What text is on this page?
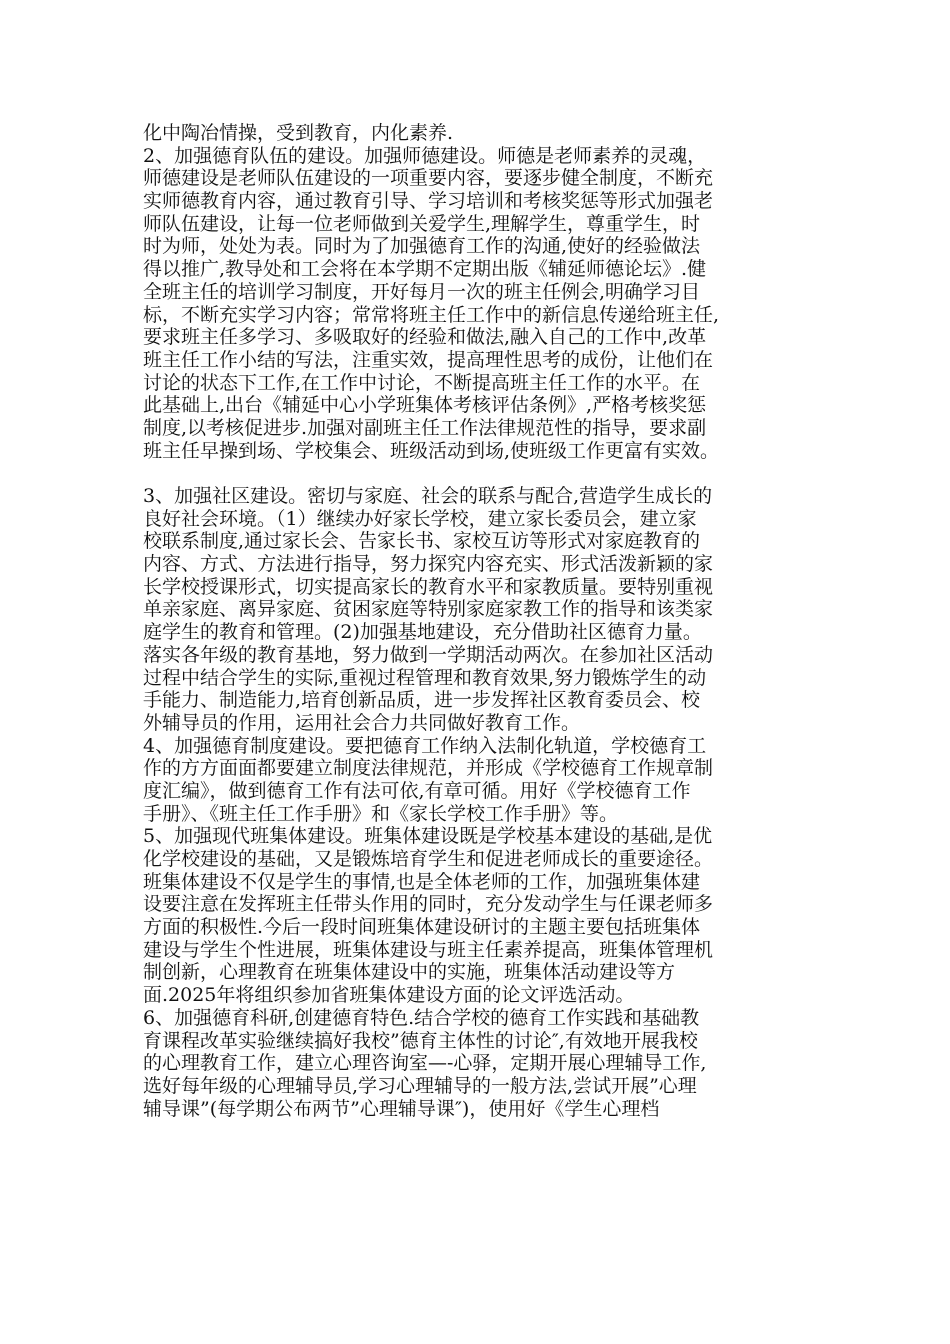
化中陶冶情操，受到教育，内化素养.
2、加强德育队伍的建设。加强师德建设。师德是老师素养的灵魂，
师德建设是老师队伍建设的一项重要内容，要逐步健全制度，不断充
实师德教育内容，通过教育引导、学习培训和考核奖惩等形式加强老
师队伍建设，让每一位老师做到关爱学生,理解学生，尊重学生，时
时为师，处处为表。同时为了加强德育工作的沟通,使好的经验做法
得以推广,教导处和工会将在本学期不定期出版《辅延师德论坛》.健
全班主任的培训学习制度，开好每月一次的班主任例会,明确学习目
标，不断充实学习内容；常常将班主任工作中的新信息传递给班主任,
要求班主任多学习、多吸取好的经验和做法,融入自己的工作中,改革
班主任工作小结的写法，注重实效，提高理性思考的成份，让他们在
讨论的状态下工作,在工作中讨论，不断提高班主任工作的水平。在
此基础上,出台《辅延中心小学班集体考核评估条例》,严格考核奖惩
制度,以考核促进步.加强对副班主任工作法律规范性的指导，要求副
班主任早操到场、学校集会、班级活动到场,使班级工作更富有实效。
3、加强社区建设。密切与家庭、社会的联系与配合,营造学生成长的
良好社会环境。（1）继续办好家长学校，建立家长委员会，建立家
校联系制度,通过家长会、告家长书、家校互访等形式对家庭教育的
内容、方式、方法进行指导，努力探究内容充实、形式活泼新颖的家
长学校授课形式，切实提高家长的教育水平和家教质量。要特别重视
单亲家庭、离异家庭、贫困家庭等特别家庭家教工作的指导和该类家
庭学生的教育和管理。(2)加强基地建设，充分借助社区德育力量。
落实各年级的教育基地，努力做到一学期活动两次。在参加社区活动
过程中结合学生的实际,重视过程管理和教育效果,努力锻炼学生的动
手能力、制造能力,培育创新品质，进一步发挥社区教育委员会、校
外辅导员的作用，运用社会合力共同做好教育工作。
4、加强德育制度建设。要把德育工作纳入法制化轨道，学校德育工
作的方方面面都要建立制度法律规范，并形成《学校德育工作规章制
度汇编》，做到德育工作有法可依,有章可循。用好《学校德育工作
手册》、《班主任工作手册》和《家长学校工作手册》等。
5、加强现代班集体建设。班集体建设既是学校基本建设的基础,是优
化学校建设的基础，又是锻炼培育学生和促进老师成长的重要途径。
班集体建设不仅是学生的事情,也是全体老师的工作，加强班集体建
设要注意在发挥班主任带头作用的同时，充分发动学生与任课老师多
方面的积极性.今后一段时间班集体建设研讨的主题主要包括班集体
建设与学生个性进展，班集体建设与班主任素养提高，班集体管理机
制创新，心理教育在班集体建设中的实施，班集体活动建设等方
面.2025年将组织参加省班集体建设方面的论文评选活动。
6、加强德育科研,创建德育特色.结合学校的德育工作实践和基础教
育课程改革实验继续搞好我校”德育主体性的讨论″,有效地开展我校
的心理教育工作，建立心理咨询室—-心驿，定期开展心理辅导工作,
选好每年级的心理辅导员,学习心理辅导的一般方法,尝试开展”心理
辅导课”(每学期公布两节”心理辅导课″)，使用好《学生心理档
